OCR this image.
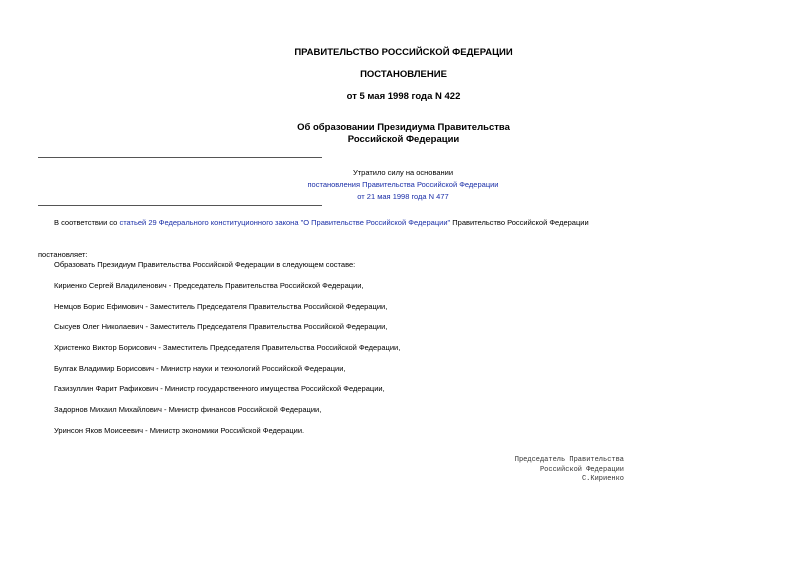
ПРАВИТЕЛЬСТВО РОССИЙСКОЙ ФЕДЕРАЦИИ

ПОСТАНОВЛЕНИЕ

от 5 мая 1998 года N 422

Об образовании Президиума Правительства

Российской Федерации

Утратило силу на основании
постановления Правительства Российской Федерации
от 21 мая 1998 года N 477
В соответствии со статьей 29 Федерального конституционного закона "О Правительстве Российской Федерации" Правительство Российской Федерации
постановляет:
Образовать Президиум Правительства Российской Федерации в следующем составе:
Кириенко Сергей Владиленович - Председатель Правительства Российской Федерации,
Немцов Борис Ефимович - Заместитель Председателя Правительства Российской Федерации,
Сысуев Олег Николаевич - Заместитель Председателя Правительства Российской Федерации,
Христенко Виктор Борисович - Заместитель Председателя Правительства Российской Федерации,
Булгак Владимир Борисович - Министр науки и технологий Российской Федерации,
Газизуллин Фарит Рафикович - Министр государственного имущества Российской Федерации,
Задорнов Михаил Михайлович - Министр финансов Российской Федерации,
Уринсон Яков Моисеевич - Министр экономики Российской Федерации.
Председатель Правительства
Российской Федерации
С.Кириенко
